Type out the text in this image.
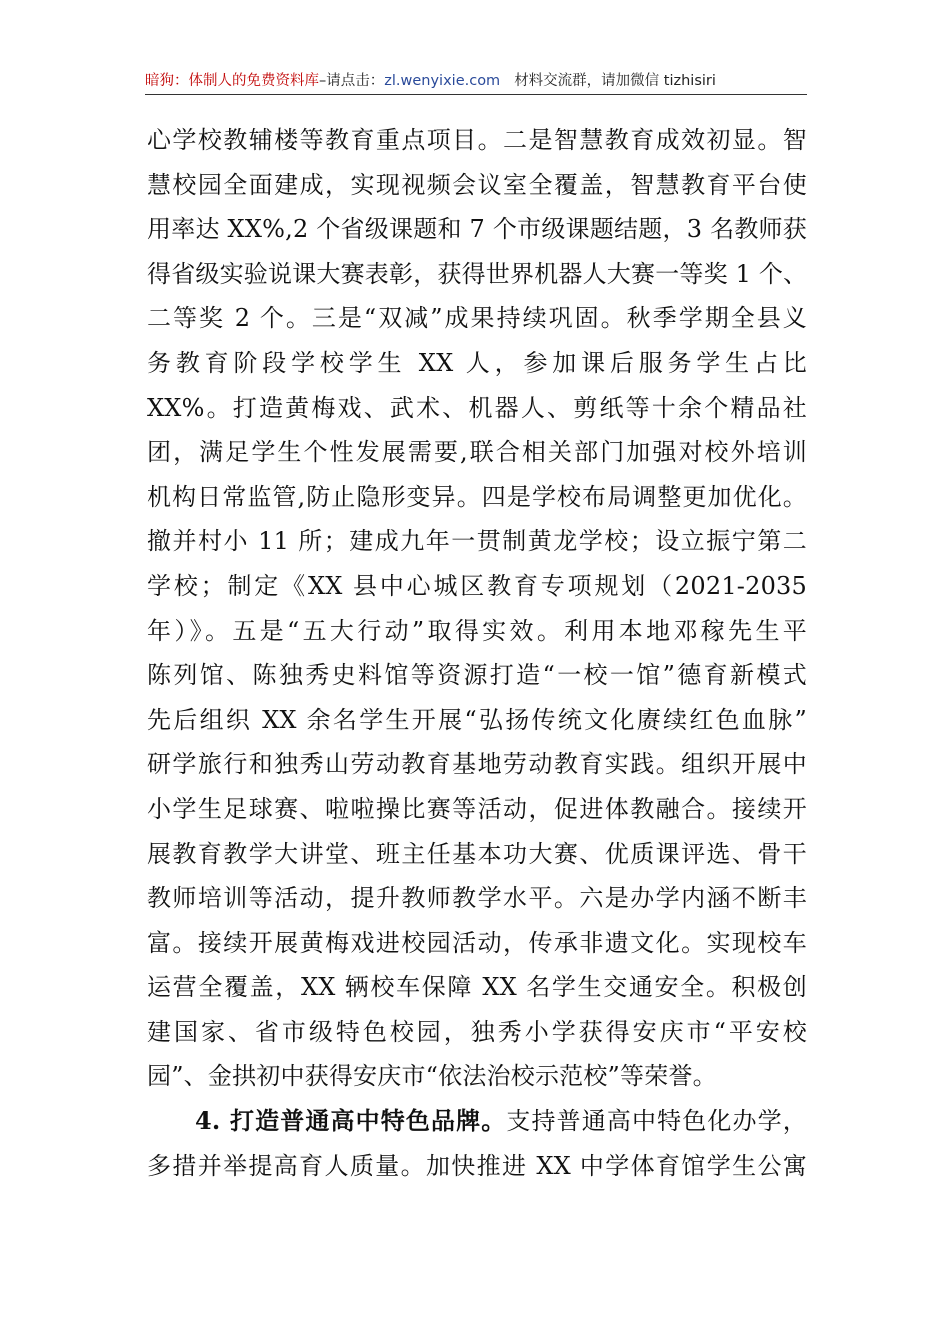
暗狗：体制人的免费资料库–请点击：zl.wenyixie.com 材料交流群，请加微信 tizhisiri
心学校教辅楼等教育重点项目。二是智慧教育成效初显。智
慧校园全面建成，实现视频会议室全覆盖，智慧教育平台使
用率达 XX%,2 个省级课题和 7 个市级课题结题，3 名教师获
得省级实验说课大赛表彰，获得世界机器人大赛一等奖 1 个、
二等奖 2 个。三是“双减”成果持续巩固。秋季学期全县义
务教育阶段学校学生 XX 人，参加课后服务学生占比
XX%。打造黄梅戏、武术、机器人、剪纸等十余个精品社
团，满足学生个性发展需要,联合相关部门加强对校外培训
机构日常监管,防止隐形变异。四是学校布局调整更加优化。
撤并村小 11 所；建成九年一贯制黄龙学校；设立振宁第二
学校；制定《XX 县中心城区教育专项规划（2021-2035
年）》。五是“五大行动”取得实效。利用本地邓稼先生平
陈列馆、陈独秀史料馆等资源打造“一校一馆”德育新模式
先后组织 XX 余名学生开展“弘扬传统文化赓续红色血脉”
研学旅行和独秀山劳动教育基地劳动教育实践。组织开展中
小学生足球赛、啦啦操比赛等活动，促进体教融合。接续开
展教育教学大讲堂、班主任基本功大赛、优质课评选、骨干
教师培训等活动，提升教师教学水平。六是办学内涵不断丰
富。接续开展黄梅戏进校园活动，传承非遗文化。实现校车
运营全覆盖，XX 辆校车保障 XX 名学生交通安全。积极创
建国家、省市级特色校园，独秀小学获得安庆市“平安校
园”、金拱初中获得安庆市“依法治校示范校”等荣誉。
4. 打造普通高中特色品牌。支持普通高中特色化办学，
多措并举提高育人质量。加快推进 XX 中学体育馆学生公寓
